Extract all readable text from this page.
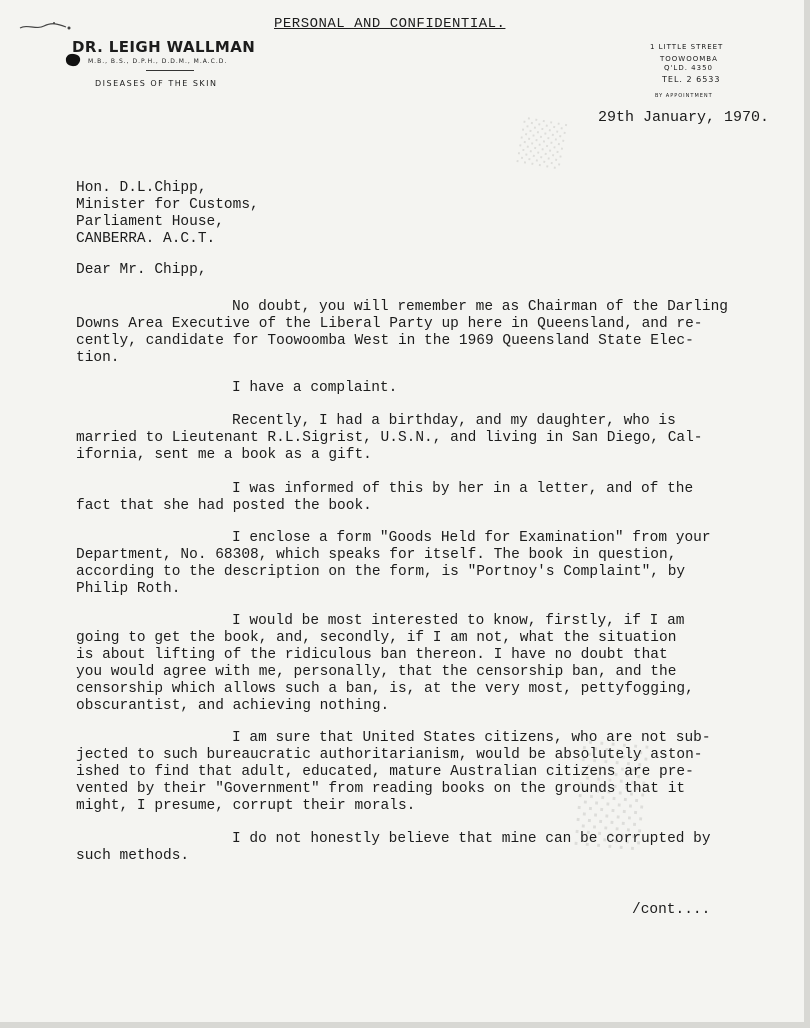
░░
░░░
PERSONAL AND CONFIDENTIAL.
DR. LEIGH WALLMAN
M.B., B.S., D.P.H., D.D.M., M.A.C.D.
DISEASES OF THE SKIN
1 LITTLE STREET
TOOWOOMBA
Q'LD. 4350
TEL. 2 6533
BY APPOINTMENT
29th January, 1970.
Hon. D.L.Chipp,
Minister for Customs,
Parliament House,
CANBERRA. A.C.T.
Dear Mr. Chipp,
No doubt, you will remember me as Chairman of the Darling
Downs Area Executive of the Liberal Party up here in Queensland, and re-
cently, candidate for Toowoomba West in the 1969 Queensland State Elec-
tion.
I have a complaint.
Recently, I had a birthday, and my daughter, who is
married to Lieutenant R.L.Sigrist, U.S.N., and living in San Diego, Cal-
ifornia, sent me a book as a gift.
I was informed of this by her in a letter, and of the
fact that she had posted the book.
I enclose a form "Goods Held for Examination" from your
Department, No. 68308, which speaks for itself. The book in question,
according to the description on the form, is "Portnoy's Complaint", by
Philip Roth.
I would be most interested to know, firstly, if I am
going to get the book, and, secondly, if I am not, what the situation
is about lifting of the ridiculous ban thereon. I have no doubt that
you would agree with me, personally, that the censorship ban, and the
censorship which allows such a ban, is, at the very most, pettyfogging,
obscurantist, and achieving nothing.
I am sure that United States citizens, who are not sub-
jected to such bureaucratic authoritarianism, would be absolutely aston-
ished to find that adult, educated, mature Australian citizens are pre-
vented by their "Government" from reading books on the grounds that it
might, I presume, corrupt their morals.
I do not honestly believe that mine can be corrupted by
such methods.
/cont....
